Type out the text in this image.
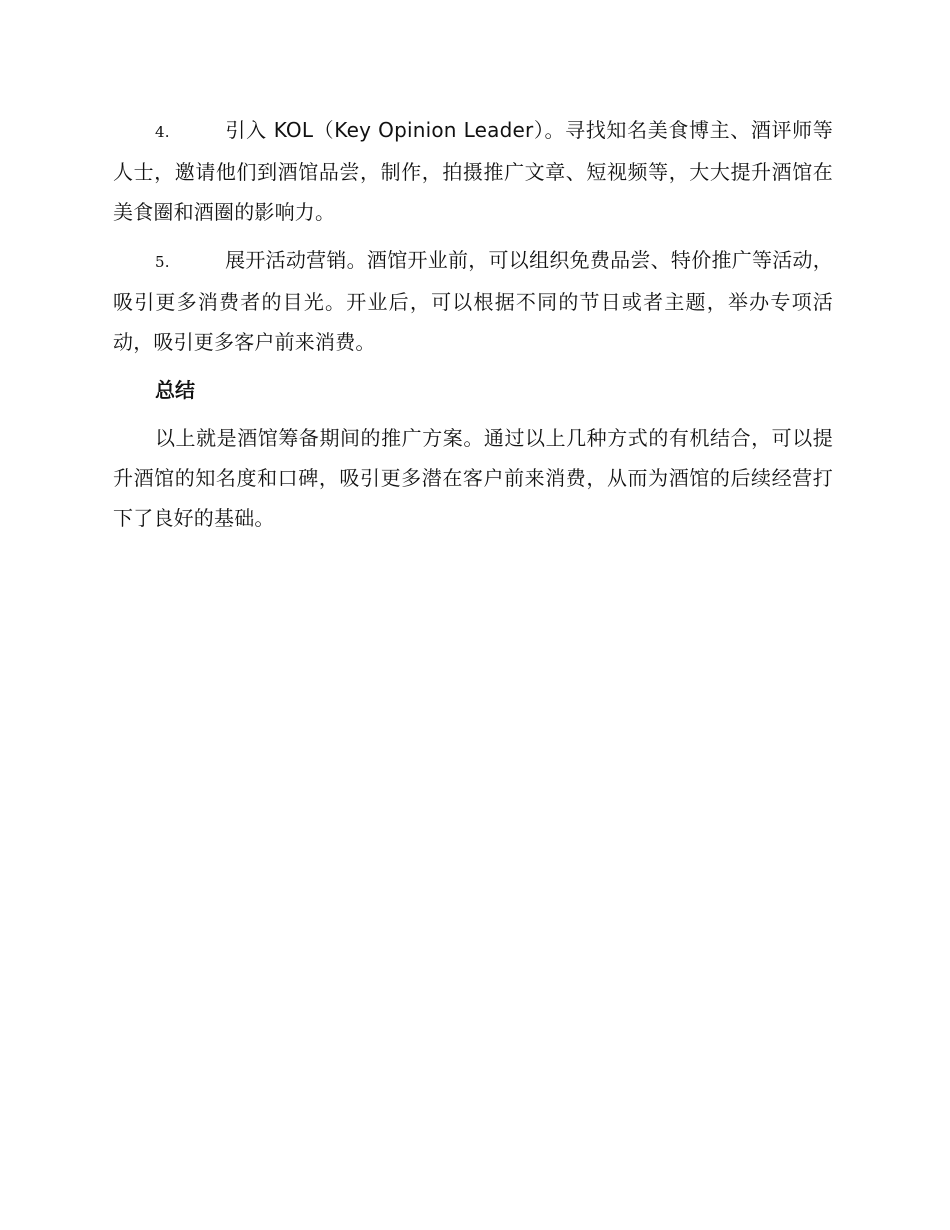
4.	引入 KOL（Key Opinion Leader）。寻找知名美食博主、酒评师等人士，邀请他们到酒馆品尝，制作，拍摄推广文章、短视频等，大大提升酒馆在美食圈和酒圈的影响力。

5.	展开活动营销。酒馆开业前，可以组织免费品尝、特价推广等活动，吸引更多消费者的目光。开业后，可以根据不同的节日或者主题，举办专项活动，吸引更多客户前来消费。

总结

以上就是酒馆筹备期间的推广方案。通过以上几种方式的有机结合，可以提升酒馆的知名度和口碑，吸引更多潜在客户前来消费，从而为酒馆的后续经营打下了良好的基础。
